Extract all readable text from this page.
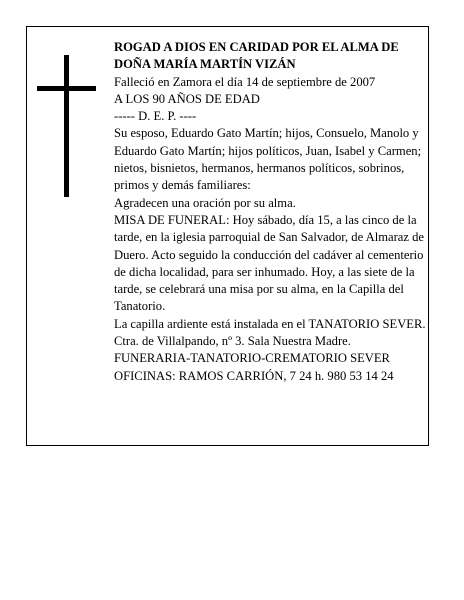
ROGAD A DIOS EN CARIDAD POR EL ALMA DE

DOÑA MARÍA MARTÍN VIZÁN

Falleció en Zamora el día 14 de septiembre de 2007

A LOS 90 AÑOS DE EDAD

----- D. E. P. ----

Su esposo, Eduardo Gato Martín; hijos, Consuelo, Manolo y Eduardo Gato Martín; hijos políticos, Juan, Isabel y Carmen; nietos, bisnietos, hermanos, hermanos políticos, sobrinos, primos y demás familiares:

Agradecen una oración por su alma.

MISA DE FUNERAL: Hoy sábado, día 15, a las cinco de la tarde, en la iglesia parroquial de San Salvador, de Almaraz de Duero. Acto seguido la conducción del cadáver al cementerio de dicha localidad, para ser inhumado. Hoy, a las siete de la tarde, se celebrará una misa por su alma, en la Capilla del Tanatorio.

La capilla ardiente está instalada en el TANATORIO SEVER. Ctra. de Villalpando, nº 3. Sala Nuestra Madre.

FUNERARIA-TANATORIO-CREMATORIO SEVER

OFICINAS: RAMOS CARRIÓN, 7 24 h. 980 53 14 24
